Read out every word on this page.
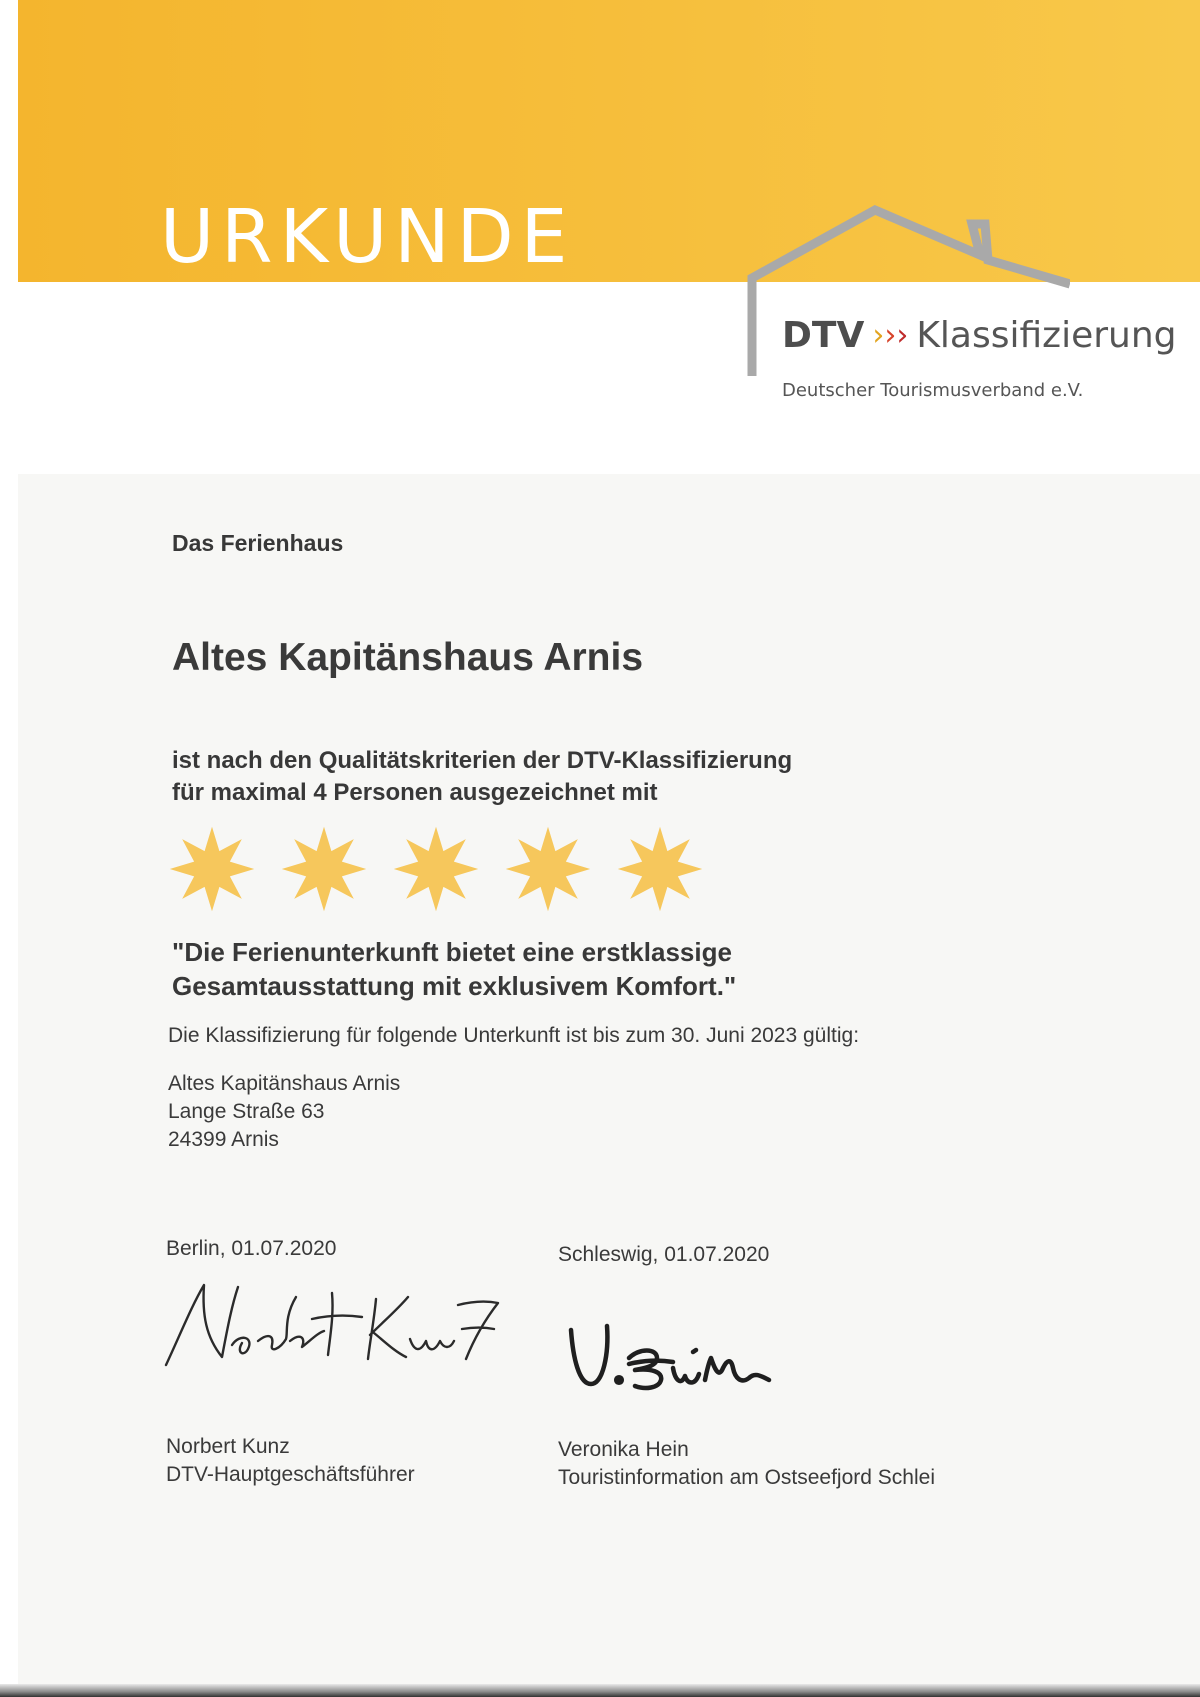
URKUNDE
DTV ››› Klassifizierung
Deutscher Tourismusverband e.V.

Das Ferienhaus

Altes Kapitänshaus Arnis

ist nach den Qualitätskriterien der DTV-Klassifizierung
für maximal 4 Personen ausgezeichnet mit
"Die Ferienunterkunft bietet eine erstklassige
Gesamtausstattung mit exklusivem Komfort."

Die Klassifizierung für folgende Unterkunft ist bis zum 30. Juni 2023 gültig:

Altes Kapitänshaus Arnis
Lange Straße 63
24399 Arnis

Berlin, 01.07.2020	Schleswig, 01.07.2020

Norbert Kunz
DTV-Hauptgeschäftsführer
Veronika Hein
Touristinformation am Ostseefjord Schlei
